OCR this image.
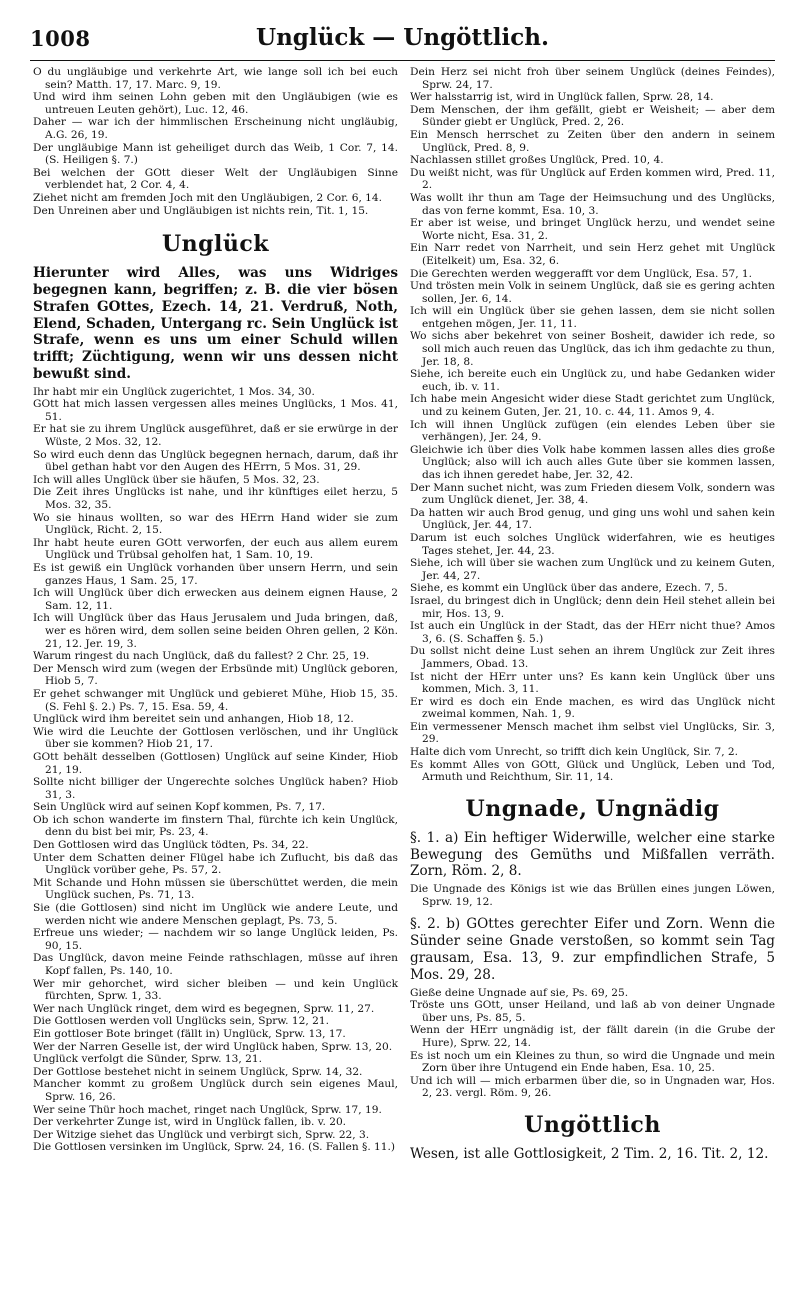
1008	Unglück — Ungöttlich.

O du ungläubige und verkehrte Art, wie lange soll ich bei euch sein? Matth. 17, 17. Marc. 9, 19.

Und wird ihm seinen Lohn geben mit den Ungläubigen (wie es untreuen Leuten gehört), Luc. 12, 46.

Daher — war ich der himmlischen Erscheinung nicht ungläubig, A.G. 26, 19.

Der ungläubige Mann ist geheiliget durch das Weib, 1 Cor. 7, 14. (S. Heiligen §. 7.)

Bei welchen der GOtt dieser Welt der Ungläubigen Sinne verblendet hat, 2 Cor. 4, 4.

Ziehet nicht am fremden Joch mit den Ungläubigen, 2 Cor. 6, 14.

Den Unreinen aber und Ungläubigen ist nichts rein, Tit. 1, 15.

Unglück

Hierunter wird Alles, was uns Widriges begegnen kann, begriffen; z. B. die vier bösen Strafen GOttes, Ezech. 14, 21. Verdruß, Noth, Elend, Schaden, Untergang rc. Sein Unglück ist Strafe, wenn es uns um einer Schuld willen trifft; Züchtigung, wenn wir uns dessen nicht bewußt sind.

Ihr habt mir ein Unglück zugerichtet, 1 Mos. 34, 30.

GOtt hat mich lassen vergessen alles meines Unglücks, 1 Mos. 41, 51.

Er hat sie zu ihrem Unglück ausgeführet, daß er sie erwürge in der Wüste, 2 Mos. 32, 12.

So wird euch denn das Unglück begegnen hernach, darum, daß ihr übel gethan habt vor den Augen des HErrn, 5 Mos. 31, 29.

Ich will alles Unglück über sie häufen, 5 Mos. 32, 23.

Die Zeit ihres Unglücks ist nahe, und ihr künftiges eilet herzu, 5 Mos. 32, 35.

Wo sie hinaus wollten, so war des HErrn Hand wider sie zum Unglück, Richt. 2, 15.

Ihr habt heute euren GOtt verworfen, der euch aus allem eurem Unglück und Trübsal geholfen hat, 1 Sam. 10, 19.

Es ist gewiß ein Unglück vorhanden über unsern Herrn, und sein ganzes Haus, 1 Sam. 25, 17.

Ich will Unglück über dich erwecken aus deinem eignen Hause, 2 Sam. 12, 11.

Ich will Unglück über das Haus Jerusalem und Juda bringen, daß, wer es hören wird, dem sollen seine beiden Ohren gellen, 2 Kön. 21, 12. Jer. 19, 3.

Warum ringest du nach Unglück, daß du fallest? 2 Chr. 25, 19.

Der Mensch wird zum (wegen der Erbsünde mit) Unglück geboren, Hiob 5, 7.

Er gehet schwanger mit Unglück und gebieret Mühe, Hiob 15, 35. (S. Fehl §. 2.) Ps. 7, 15. Esa. 59, 4.

Unglück wird ihm bereitet sein und anhangen, Hiob 18, 12.

Wie wird die Leuchte der Gottlosen verlöschen, und ihr Unglück über sie kommen? Hiob 21, 17.

GOtt behält desselben (Gottlosen) Unglück auf seine Kinder, Hiob 21, 19.

Sollte nicht billiger der Ungerechte solches Unglück haben? Hiob 31, 3.

Sein Unglück wird auf seinen Kopf kommen, Ps. 7, 17.

Ob ich schon wanderte im finstern Thal, fürchte ich kein Unglück, denn du bist bei mir, Ps. 23, 4.

Den Gottlosen wird das Unglück tödten, Ps. 34, 22.

Unter dem Schatten deiner Flügel habe ich Zuflucht, bis daß das Unglück vorüber gehe, Ps. 57, 2.

Mit Schande und Hohn müssen sie überschüttet werden, die mein Unglück suchen, Ps. 71, 13.

Sie (die Gottlosen) sind nicht im Unglück wie andere Leute, und werden nicht wie andere Menschen geplagt, Ps. 73, 5.

Erfreue uns wieder; — nachdem wir so lange Unglück leiden, Ps. 90, 15.

Das Unglück, davon meine Feinde rathschlagen, müsse auf ihren Kopf fallen, Ps. 140, 10.

Wer mir gehorchet, wird sicher bleiben — und kein Unglück fürchten, Sprw. 1, 33.

Wer nach Unglück ringet, dem wird es begegnen, Sprw. 11, 27.

Die Gottlosen werden voll Unglücks sein, Sprw. 12, 21.

Ein gottloser Bote bringet (fällt in) Unglück, Sprw. 13, 17.

Wer der Narren Geselle ist, der wird Unglück haben, Sprw. 13, 20.

Unglück verfolgt die Sünder, Sprw. 13, 21.

Der Gottlose bestehet nicht in seinem Unglück, Sprw. 14, 32.

Mancher kommt zu großem Unglück durch sein eigenes Maul, Sprw. 16, 26.

Wer seine Thür hoch machet, ringet nach Unglück, Sprw. 17, 19.

Der verkehrter Zunge ist, wird in Unglück fallen, ib. v. 20.

Der Witzige siehet das Unglück und verbirgt sich, Sprw. 22, 3.

Die Gottlosen versinken im Unglück, Sprw. 24, 16. (S. Fallen §. 11.)

Dein Herz sei nicht froh über seinem Unglück (deines Feindes), Sprw. 24, 17.

Wer halsstarrig ist, wird in Unglück fallen, Sprw. 28, 14.

Dem Menschen, der ihm gefällt, giebt er Weisheit; — aber dem Sünder giebt er Unglück, Pred. 2, 26.

Ein Mensch herrschet zu Zeiten über den andern in seinem Unglück, Pred. 8, 9.

Nachlassen stillet großes Unglück, Pred. 10, 4.

Du weißt nicht, was für Unglück auf Erden kommen wird, Pred. 11, 2.

Was wollt ihr thun am Tage der Heimsuchung und des Unglücks, das von ferne kommt, Esa. 10, 3.

Er aber ist weise, und bringet Unglück herzu, und wendet seine Worte nicht, Esa. 31, 2.

Ein Narr redet von Narrheit, und sein Herz gehet mit Unglück (Eitelkeit) um, Esa. 32, 6.

Die Gerechten werden weggerafft vor dem Unglück, Esa. 57, 1.

Und trösten mein Volk in seinem Unglück, daß sie es gering achten sollen, Jer. 6, 14.

Ich will ein Unglück über sie gehen lassen, dem sie nicht sollen entgehen mögen, Jer. 11, 11.

Wo sichs aber bekehret von seiner Bosheit, dawider ich rede, so soll mich auch reuen das Unglück, das ich ihm gedachte zu thun, Jer. 18, 8.

Siehe, ich bereite euch ein Unglück zu, und habe Gedanken wider euch, ib. v. 11.

Ich habe mein Angesicht wider diese Stadt gerichtet zum Unglück, und zu keinem Guten, Jer. 21, 10. c. 44, 11. Amos 9, 4.

Ich will ihnen Unglück zufügen (ein elendes Leben über sie verhängen), Jer. 24, 9.

Gleichwie ich über dies Volk habe kommen lassen alles dies große Unglück; also will ich auch alles Gute über sie kommen lassen, das ich ihnen geredet habe, Jer. 32, 42.

Der Mann suchet nicht, was zum Frieden diesem Volk, sondern was zum Unglück dienet, Jer. 38, 4.

Da hatten wir auch Brod genug, und ging uns wohl und sahen kein Unglück, Jer. 44, 17.

Darum ist euch solches Unglück widerfahren, wie es heutiges Tages stehet, Jer. 44, 23.

Siehe, ich will über sie wachen zum Unglück und zu keinem Guten, Jer. 44, 27.

Siehe, es kommt ein Unglück über das andere, Ezech. 7, 5.

Israel, du bringest dich in Unglück; denn dein Heil stehet allein bei mir, Hos. 13, 9.

Ist auch ein Unglück in der Stadt, das der HErr nicht thue? Amos 3, 6. (S. Schaffen §. 5.)

Du sollst nicht deine Lust sehen an ihrem Unglück zur Zeit ihres Jammers, Obad. 13.

Ist nicht der HErr unter uns? Es kann kein Unglück über uns kommen, Mich. 3, 11.

Er wird es doch ein Ende machen, es wird das Unglück nicht zweimal kommen, Nah. 1, 9.

Ein vermessener Mensch machet ihm selbst viel Unglücks, Sir. 3, 29.

Halte dich vom Unrecht, so trifft dich kein Unglück, Sir. 7, 2.

Es kommt Alles von GOtt, Glück und Unglück, Leben und Tod, Armuth und Reichthum, Sir. 11, 14.

Ungnade, Ungnädig

§. 1. a) Ein heftiger Widerwille, welcher eine starke Bewegung des Gemüths und Mißfallen verräth. Zorn, Röm. 2, 8.

Die Ungnade des Königs ist wie das Brüllen eines jungen Löwen, Sprw. 19, 12.

§. 2. b) GOttes gerechter Eifer und Zorn. Wenn die Sünder seine Gnade verstoßen, so kommt sein Tag grausam, Esa. 13, 9. zur empfindlichen Strafe, 5 Mos. 29, 28.

Gieße deine Ungnade auf sie, Ps. 69, 25.

Tröste uns GOtt, unser Heiland, und laß ab von deiner Ungnade über uns, Ps. 85, 5.

Wenn der HErr ungnädig ist, der fällt darein (in die Grube der Hure), Sprw. 22, 14.

Es ist noch um ein Kleines zu thun, so wird die Ungnade und mein Zorn über ihre Untugend ein Ende haben, Esa. 10, 25.

Und ich will — mich erbarmen über die, so in Ungnaden war, Hos. 2, 23. vergl. Röm. 9, 26.

Ungöttlich

Wesen, ist alle Gottlosigkeit, 2 Tim. 2, 16. Tit. 2, 12.
